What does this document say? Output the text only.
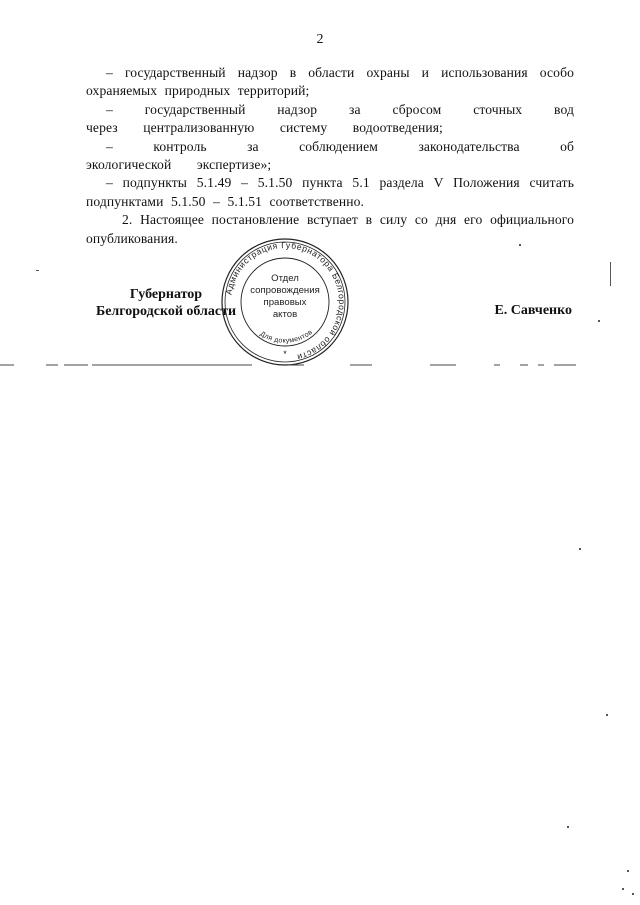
2

– государственный надзор в области охраны и использования особо охраняемых природных территорий;

– государственный надзор за сбросом сточных вод через централизованную систему водоотведения;

– контроль за соблюдением законодательства об экологической экспертизе»;

– подпункты 5.1.49 – 5.1.50 пункта 5.1 раздела V Положения считать подпунктами 5.1.50 – 5.1.51 соответственно.

2. Настоящее постановление вступает в силу со дня его официального опубликования.

Губернатор
Белгородской области	Е. Савченко
Администрация Губернатора Белгородской области
Для документов
Отдел
сопровождения
правовых
актов
*
